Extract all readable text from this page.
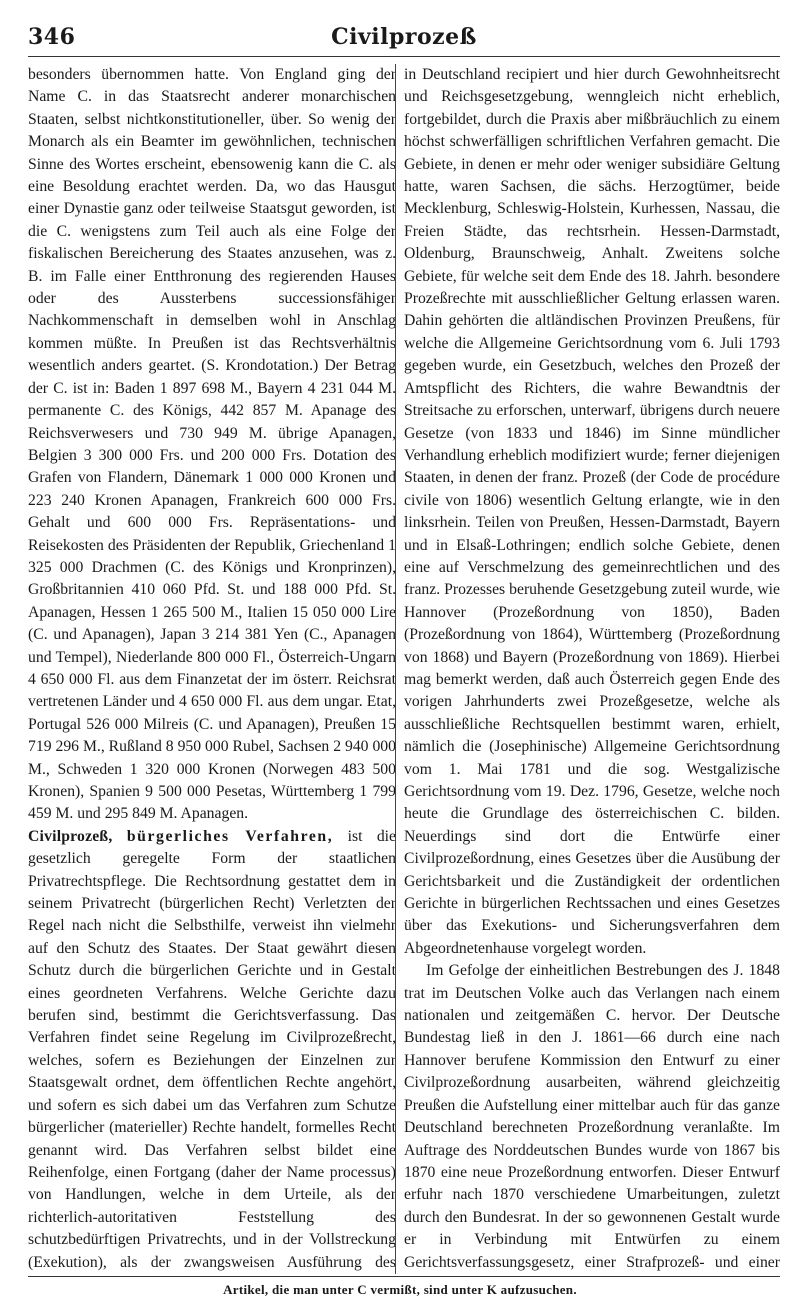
Civilprozeß
346

besonders übernommen hatte. Von England ging der Name C. in das Staatsrecht anderer monarchischen Staaten, selbst nichtkonstitutioneller, über. So wenig der Monarch als ein Beamter im gewöhnlichen, technischen Sinne des Wortes erscheint, ebensowenig kann die C. als eine Besoldung erachtet werden. Da, wo das Hausgut einer Dynastie ganz oder teilweise Staatsgut geworden, ist die C. wenigstens zum Teil auch als eine Folge der fiskalischen Bereicherung des Staates anzusehen, was z. B. im Falle einer Entthronung des regierenden Hauses oder des Aussterbens successionsfähiger Nachkommenschaft in demselben wohl in Anschlag kommen müßte. In Preußen ist das Rechtsverhältnis wesentlich anders geartet. (S. Krondotation.) Der Betrag der C. ist in: Baden 1 897 698 M., Bayern 4 231 044 M. permanente C. des Königs, 442 857 M. Apanage des Reichsverwesers und 730 949 M. übrige Apanagen, Belgien 3 300 000 Frs. und 200 000 Frs. Dotation des Grafen von Flandern, Dänemark 1 000 000 Kronen und 223 240 Kronen Apanagen, Frankreich 600 000 Frs. Gehalt und 600 000 Frs. Repräsentations- und Reisekosten des Präsidenten der Republik, Griechenland 1 325 000 Drachmen (C. des Königs und Kronprinzen), Großbritannien 410 060 Pfd. St. und 188 000 Pfd. St. Apanagen, Hessen 1 265 500 M., Italien 15 050 000 Lire (C. und Apanagen), Japan 3 214 381 Yen (C., Apanagen und Tempel), Niederlande 800 000 Fl., Österreich-Ungarn 4 650 000 Fl. aus dem Finanzetat der im österr. Reichsrat vertretenen Länder und 4 650 000 Fl. aus dem ungar. Etat, Portugal 526 000 Milreis (C. und Apanagen), Preußen 15 719 296 M., Rußland 8 950 000 Rubel, Sachsen 2 940 000 M., Schweden 1 320 000 Kronen (Norwegen 483 500 Kronen), Spanien 9 500 000 Pesetas, Württemberg 1 799 459 M. und 295 849 M. Apanagen.

Civilprozeß, bürgerliches Verfahren, ist die gesetzlich geregelte Form der staatlichen Privatrechtspflege. Die Rechtsordnung gestattet dem in seinem Privatrecht (bürgerlichen Recht) Verletzten der Regel nach nicht die Selbsthilfe, verweist ihn vielmehr auf den Schutz des Staates. Der Staat gewährt diesen Schutz durch die bürgerlichen Gerichte und in Gestalt eines geordneten Verfahrens. Welche Gerichte dazu berufen sind, bestimmt die Gerichtsverfassung. Das Verfahren findet seine Regelung im Civilprozeßrecht, welches, sofern es Beziehungen der Einzelnen zur Staatsgewalt ordnet, dem öffentlichen Rechte angehört, und sofern es sich dabei um das Verfahren zum Schutze bürgerlicher (materieller) Rechte handelt, formelles Recht genannt wird. Das Verfahren selbst bildet eine Reihenfolge, einen Fortgang (daher der Name processus) von Handlungen, welche in dem Urteile, als der richterlich-autoritativen Feststellung des schutzbedürftigen Privatrechts, und in der Vollstreckung (Exekution), als der zwangsweisen Ausführung des

in Deutschland recipiert und hier durch Gewohnheitsrecht und Reichsgesetzgebung, wenngleich nicht erheblich, fortgebildet, durch die Praxis aber mißbräuchlich zu einem höchst schwerfälligen schriftlichen Verfahren gemacht. Die Gebiete, in denen er mehr oder weniger subsidiäre Geltung hatte, waren Sachsen, die sächs. Herzogtümer, beide Mecklenburg, Schleswig-Holstein, Kurhessen, Nassau, die Freien Städte, das rechtsrhein. Hessen-Darmstadt, Oldenburg, Braunschweig, Anhalt. Zweitens solche Gebiete, für welche seit dem Ende des 18. Jahrh. besondere Prozeßrechte mit ausschließlicher Geltung erlassen waren. Dahin gehörten die altländischen Provinzen Preußens, für welche die Allgemeine Gerichtsordnung vom 6. Juli 1793 gegeben wurde, ein Gesetzbuch, welches den Prozeß der Amtspflicht des Richters, die wahre Bewandtnis der Streitsache zu erforschen, unterwarf, übrigens durch neuere Gesetze (von 1833 und 1846) im Sinne mündlicher Verhandlung erheblich modifiziert wurde; ferner diejenigen Staaten, in denen der franz. Prozeß (der Code de procédure civile von 1806) wesentlich Geltung erlangte, wie in den linksrhein. Teilen von Preußen, Hessen-Darmstadt, Bayern und in Elsaß-Lothringen; endlich solche Gebiete, denen eine auf Verschmelzung des gemeinrechtlichen und des franz. Prozesses beruhende Gesetzgebung zuteil wurde, wie Hannover (Prozeßordnung von 1850), Baden (Prozeßordnung von 1864), Württemberg (Prozeßordnung von 1868) und Bayern (Prozeßordnung von 1869). Hierbei mag bemerkt werden, daß auch Österreich gegen Ende des vorigen Jahrhunderts zwei Prozeßgesetze, welche als ausschließliche Rechtsquellen bestimmt waren, erhielt, nämlich die (Josephinische) Allgemeine Gerichtsordnung vom 1. Mai 1781 und die sog. Westgalizische Gerichtsordnung vom 19. Dez. 1796, Gesetze, welche noch heute die Grundlage des österreichischen C. bilden. Neuerdings sind dort die Entwürfe einer Civilprozeßordnung, eines Gesetzes über die Ausübung der Gerichtsbarkeit und die Zuständigkeit der ordentlichen Gerichte in bürgerlichen Rechtssachen und eines Gesetzes über das Exekutions- und Sicherungsverfahren dem Abgeordnetenhause vorgelegt worden.

Im Gefolge der einheitlichen Bestrebungen des J. 1848 trat im Deutschen Volke auch das Verlangen nach einem nationalen und zeitgemäßen C. hervor. Der Deutsche Bundestag ließ in den J. 1861—66 durch eine nach Hannover berufene Kommission den Entwurf zu einer Civilprozeßordnung ausarbeiten, während gleichzeitig Preußen die Aufstellung einer mittelbar auch für das ganze Deutschland berechneten Prozeßordnung veranlaßte. Im Auftrage des Norddeutschen Bundes wurde von 1867 bis 1870 eine neue Prozeßordnung entworfen. Dieser Entwurf erfuhr nach 1870 verschiedene Umarbeitungen, zuletzt durch den Bundesrat. In der so gewonnenen Gestalt wurde er in Verbindung mit Entwürfen zu einem Gerichtsverfassungsgesetz, einer Strafprozeß- und einer

Artikel, die man unter C vermißt, sind unter K aufzusuchen.
